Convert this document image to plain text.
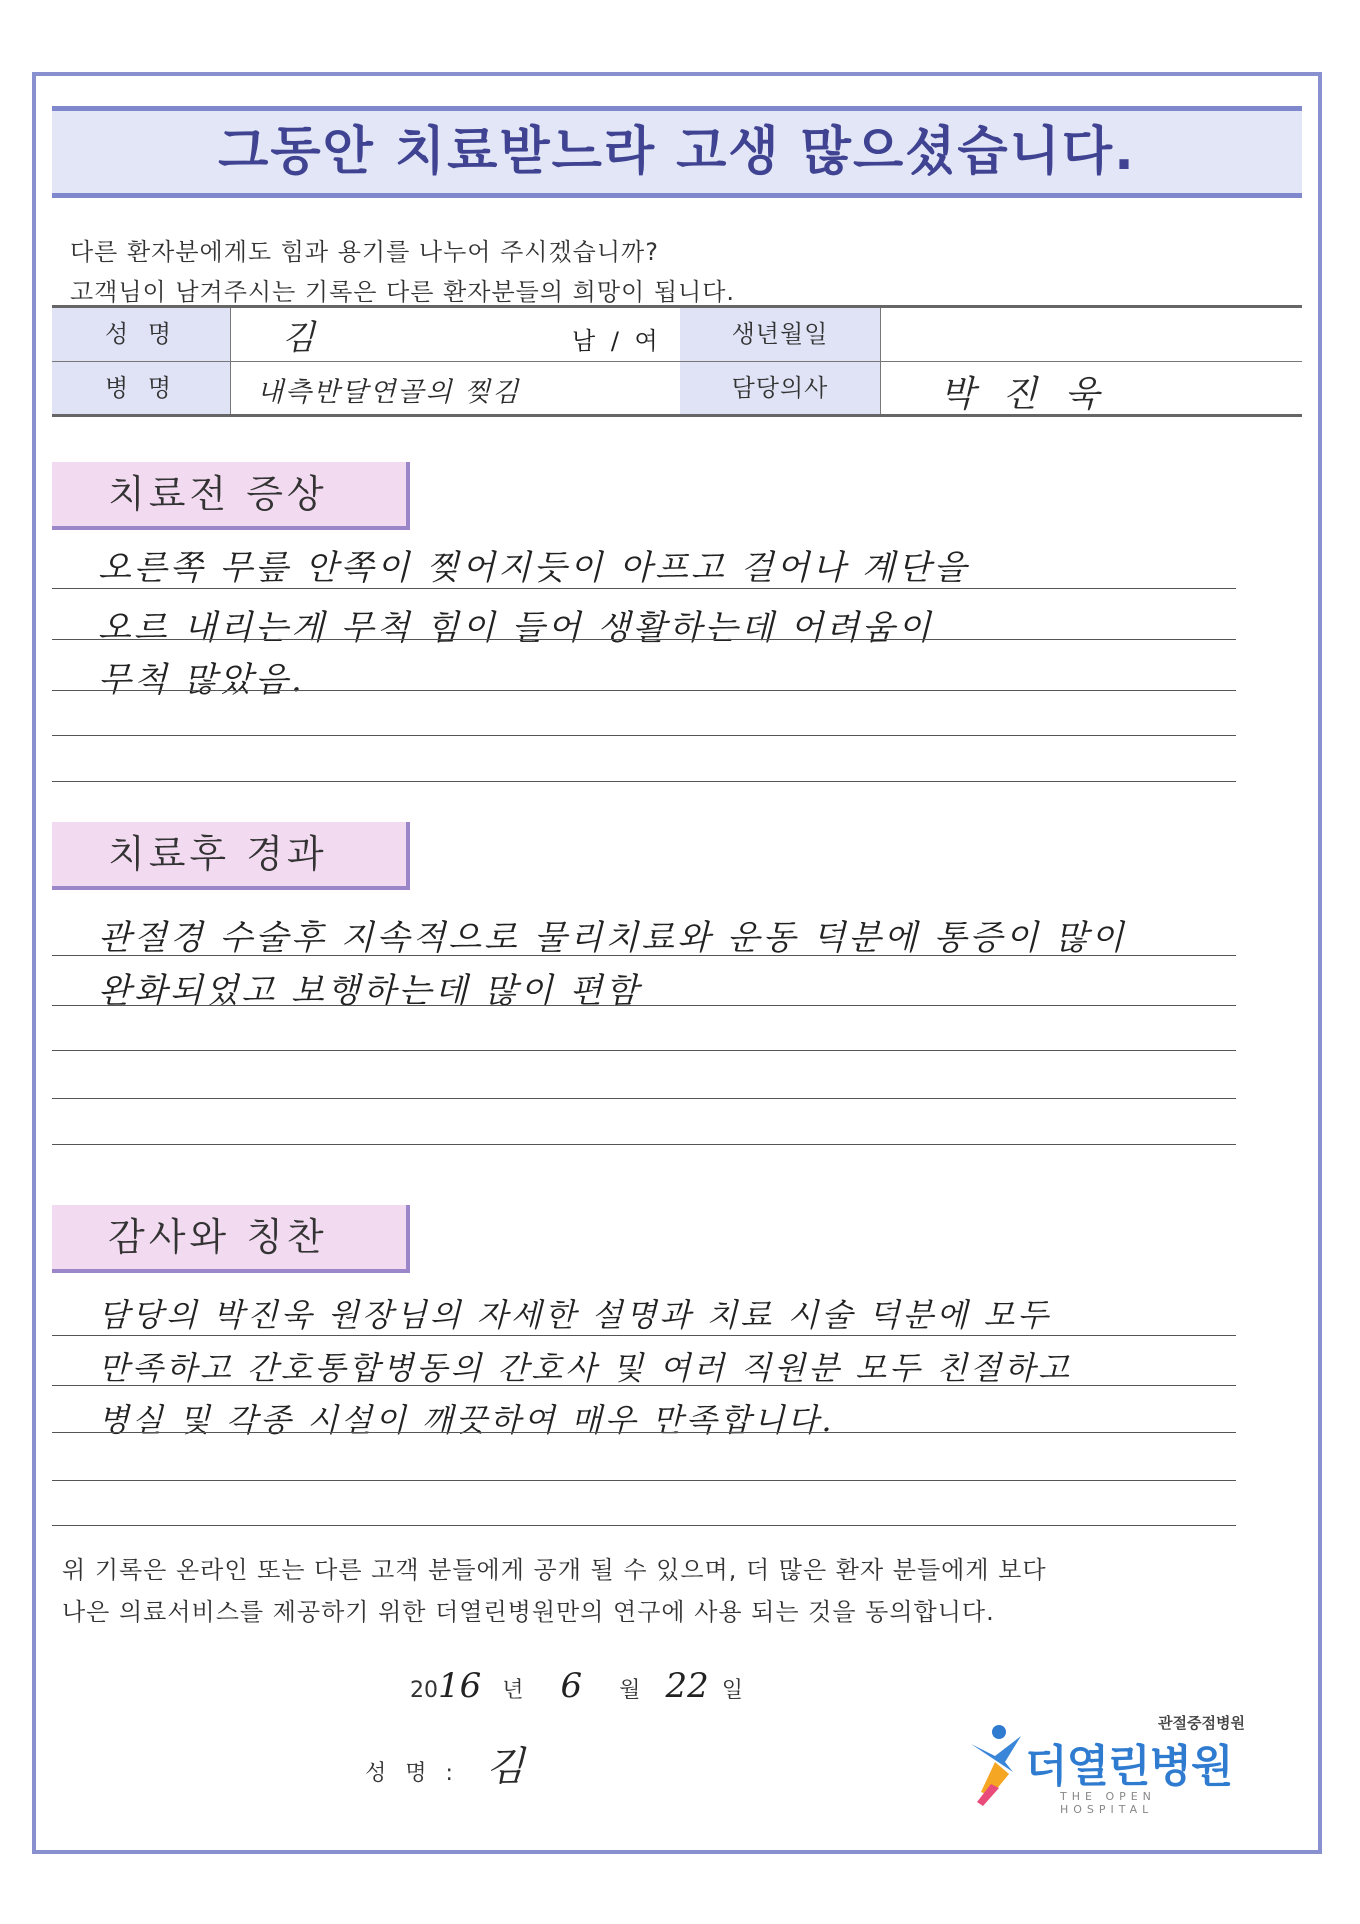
그동안 치료받느라 고생 많으셨습니다.
다른 환자분에게도 힘과 용기를 나누어 주시겠습니까?
고객님이 남겨주시는 기록은 다른 환자분들의 희망이 됩니다.
성 명	김	남 / 여	생년월일
병 명	내측반달연골의 찢김	담당의사	박 진 욱
치료전 증상
오른쪽 무릎 안쪽이 찢어지듯이 아프고 걸어나 계단을
오르 내리는게 무척 힘이 들어 생활하는데 어려움이
무척 많았음.
치료후 경과
관절경 수술후 지속적으로 물리치료와 운동 덕분에 통증이 많이
완화되었고 보행하는데 많이 편함
감사와 칭찬
담당의 박진욱 원장님의 자세한 설명과 치료 시술 덕분에 모두
만족하고 간호통합병동의 간호사 및 여러 직원분 모두 친절하고
병실 및 각종 시설이 깨끗하여 매우 만족합니다.
위 기록은 온라인 또는 다른 고객 분들에게 공개 될 수 있으며, 더 많은 환자 분들에게 보다
나은 의료서비스를 제공하기 위한 더열린병원만의 연구에 사용 되는 것을 동의합니다.
2016 년 6 월 22 일
성 명 : 김
관절중점병원
더열린병원
THE OPEN HOSPITAL
